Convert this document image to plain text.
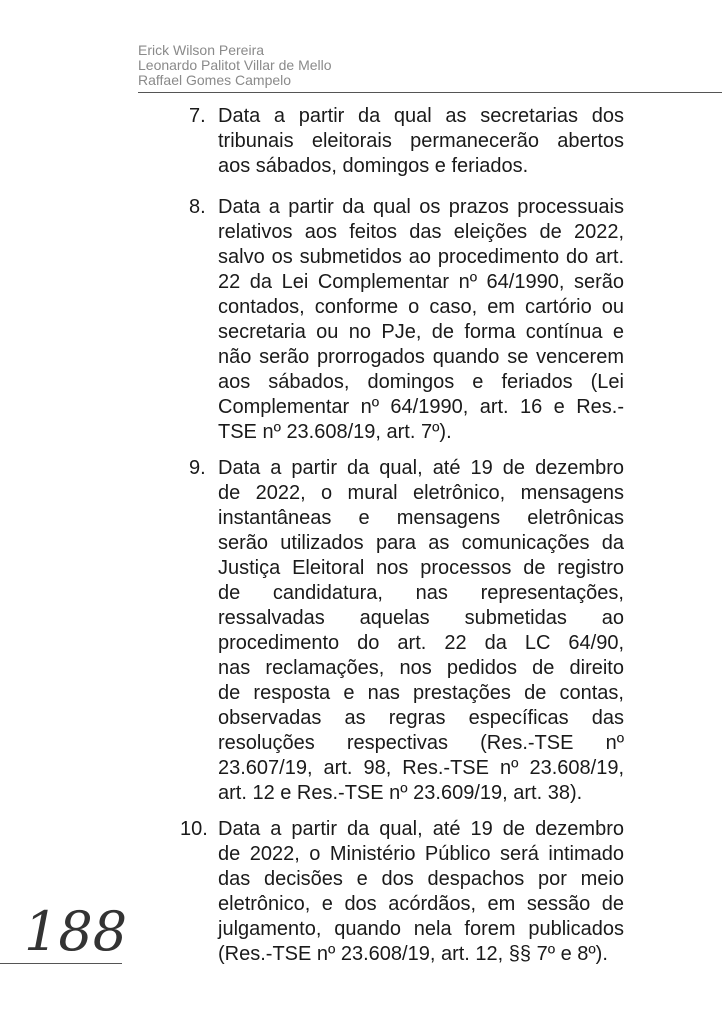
Erick Wilson Pereira
Leonardo Palitot Villar de Mello
Raffael Gomes Campelo
7. Data a partir da qual as secretarias dos
tribunais eleitorais permanecerão abertos
aos sábados, domingos e feriados.
8. Data a partir da qual os prazos processuais
relativos aos feitos das eleições de 2022,
salvo os submetidos ao procedimento do art.
22 da Lei Complementar nº 64/1990, serão
contados, conforme o caso, em cartório ou
secretaria ou no PJe, de forma contínua e
não serão prorrogados quando se vencerem
aos sábados, domingos e feriados (Lei
Complementar nº 64/1990, art. 16 e Res.-
TSE nº 23.608/19, art. 7º).
9. Data a partir da qual, até 19 de dezembro
de 2022, o mural eletrônico, mensagens
instantâneas e mensagens eletrônicas
serão utilizados para as comunicações da
Justiça Eleitoral nos processos de registro
de candidatura, nas representações,
ressalvadas aquelas submetidas ao
procedimento do art. 22 da LC 64/90,
nas reclamações, nos pedidos de direito
de resposta e nas prestações de contas,
observadas as regras específicas das
resoluções respectivas (Res.-TSE nº
23.607/19, art. 98, Res.-TSE nº 23.608/19,
art. 12 e Res.-TSE nº 23.609/19, art. 38).
10. Data a partir da qual, até 19 de dezembro
de 2022, o Ministério Público será intimado
das decisões e dos despachos por meio
eletrônico, e dos acórdãos, em sessão de
julgamento, quando nela forem publicados
(Res.-TSE nº 23.608/19, art. 12, §§ 7º e 8º).
188
